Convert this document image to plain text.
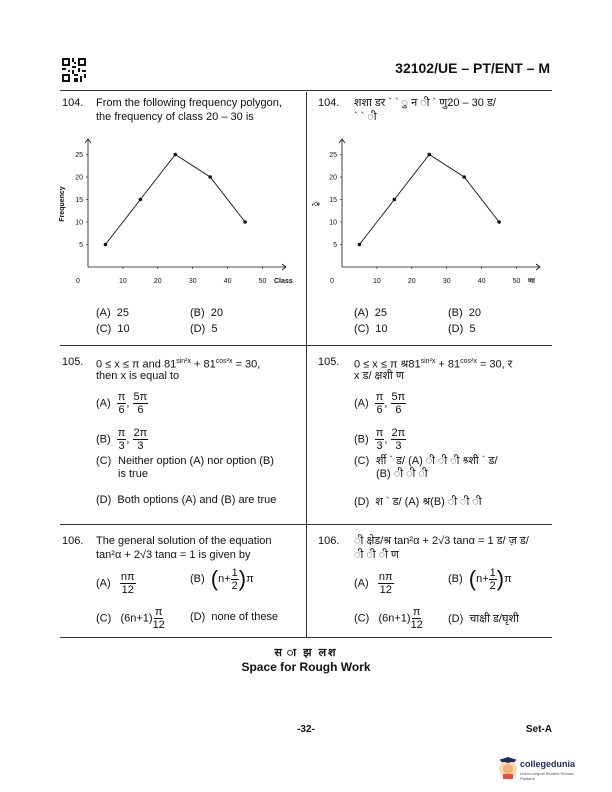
32102/UE – PT/ENT – M
104. From the following frequency polygon,

the frequency of class 20 – 30 is
104. शशा डर ` ` ु न ी ` णु20 – 30 ड/

` ` ी
0	10	20	30	40	50
5
10
15
20
25
Class
Frequency
0	10	20	30	40	50
5
10
15
20
25
णा
ेु
(A) 25	(B) 20
(C) 10	(D) 5
(A) 25	(B) 20
(C) 10	(D) 5
105. 0 ≤ x ≤ π and $81^{sin^2x} + 81^{cos^2x} = 30$,

then x is equal to
$(A) \frac{\pi}{6}$ , $\frac{5\pi}{6}$
$(B) \frac{\pi}{3}$ , $\frac{2\pi}{3}$
(C) Neither option (A) nor option (B)

is true
(D) Both options (A) and (B) are true
105. 0 ≤ x ≤ π $श्र81^{sin^2x} + 81^{cos^2x} = 30$, र

x ड/ क्षशी ण
$(A) \frac{\pi}{6}$ , $\frac{5\pi}{6}$
$(B) \frac{\pi}{3}$ , $\frac{2\pi}{3}$
(C) र्शी ` ड/ (A) ी ी ी श्र्शी ` ड/

(B) ी ी ी
(D) श ` ड/ (A) श्र(B) ी ी ी
106. The general solution of the equation

tan²α + 2√3 tanα = 1 is given by
$(A) \frac{n\pi}{12}$	(B) $(n+ \frac{1}{2} )\pi$
(C) $(6n+1) \frac{\pi}{12} (D)$ none of these
106. ी क्षेड/श्र tan²α + 2√3 tanα = 1 ड/ ज़ ड/

ी ी ी ण
$(A) \frac{n\pi}{12}$	(B) $(n+ \frac{1}{2} )\pi$
(C) $(6n+1) \frac{\pi}{12} (D)$ चाक्षी ड/घृशी
स ा झ लश
Space for Rough Work
-32-	Set-A
collegedunia
India's largest Student Review Platform
